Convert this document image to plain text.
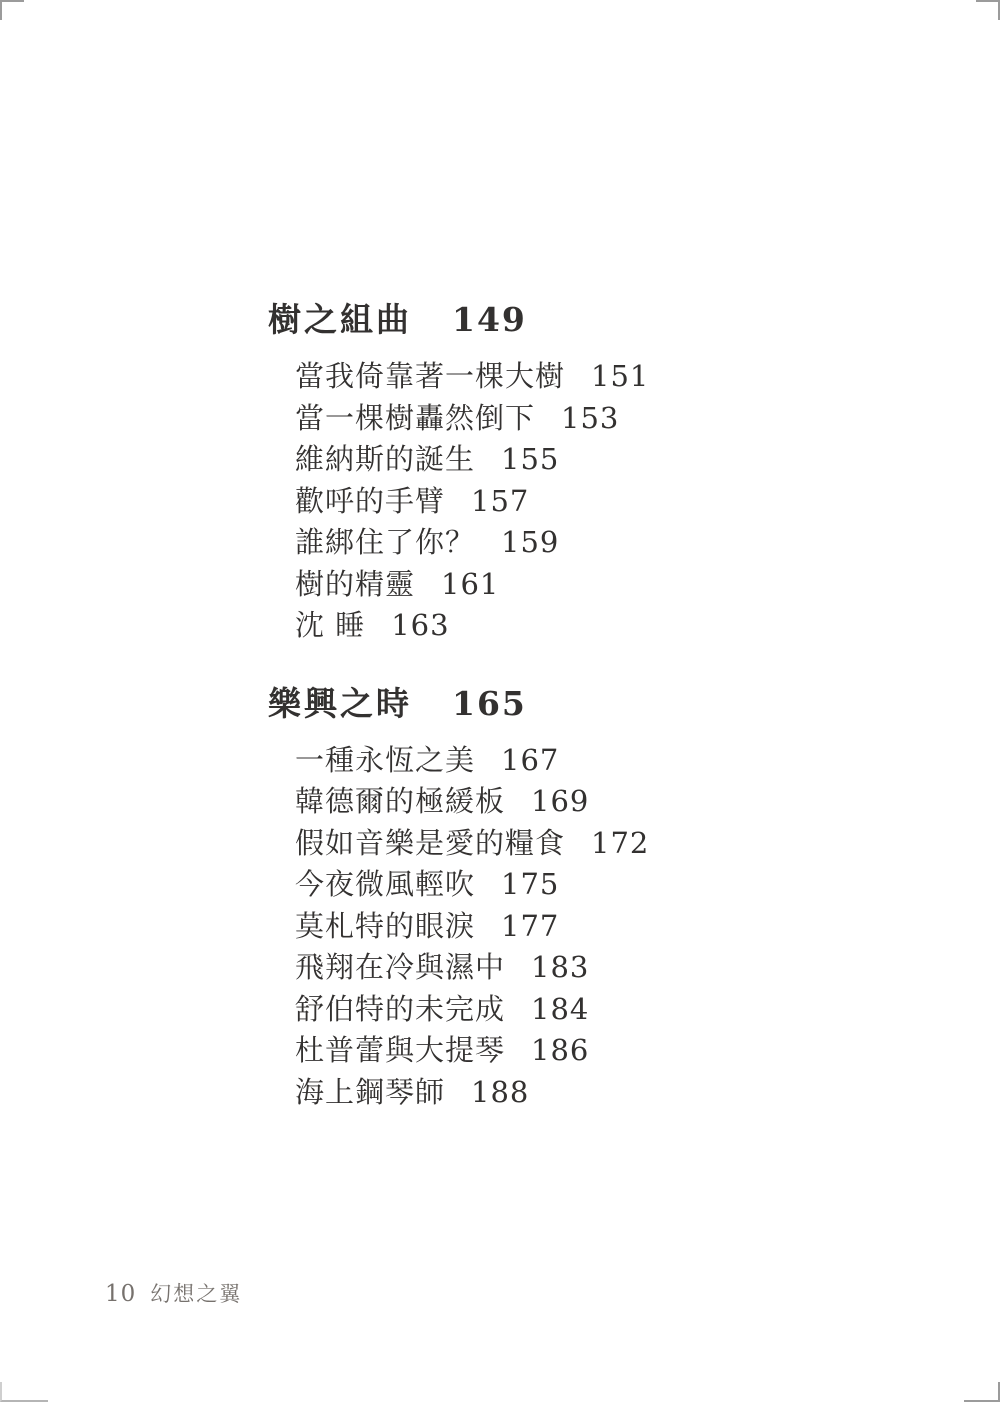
樹之組曲 149
當我倚靠著一棵大樹 151
當一棵樹轟然倒下 153
維納斯的誕生 155
歡呼的手臂 157
誰綁住了你？ 159
樹的精靈 161
沈 睡 163
樂興之時 165
一種永恆之美 167
韓德爾的極緩板 169
假如音樂是愛的糧食 172
今夜微風輕吹 175
莫札特的眼淚 177
飛翔在冷與濕中 183
舒伯特的未完成 184
杜普蕾與大提琴 186
海上鋼琴師 188
10 幻想之翼
